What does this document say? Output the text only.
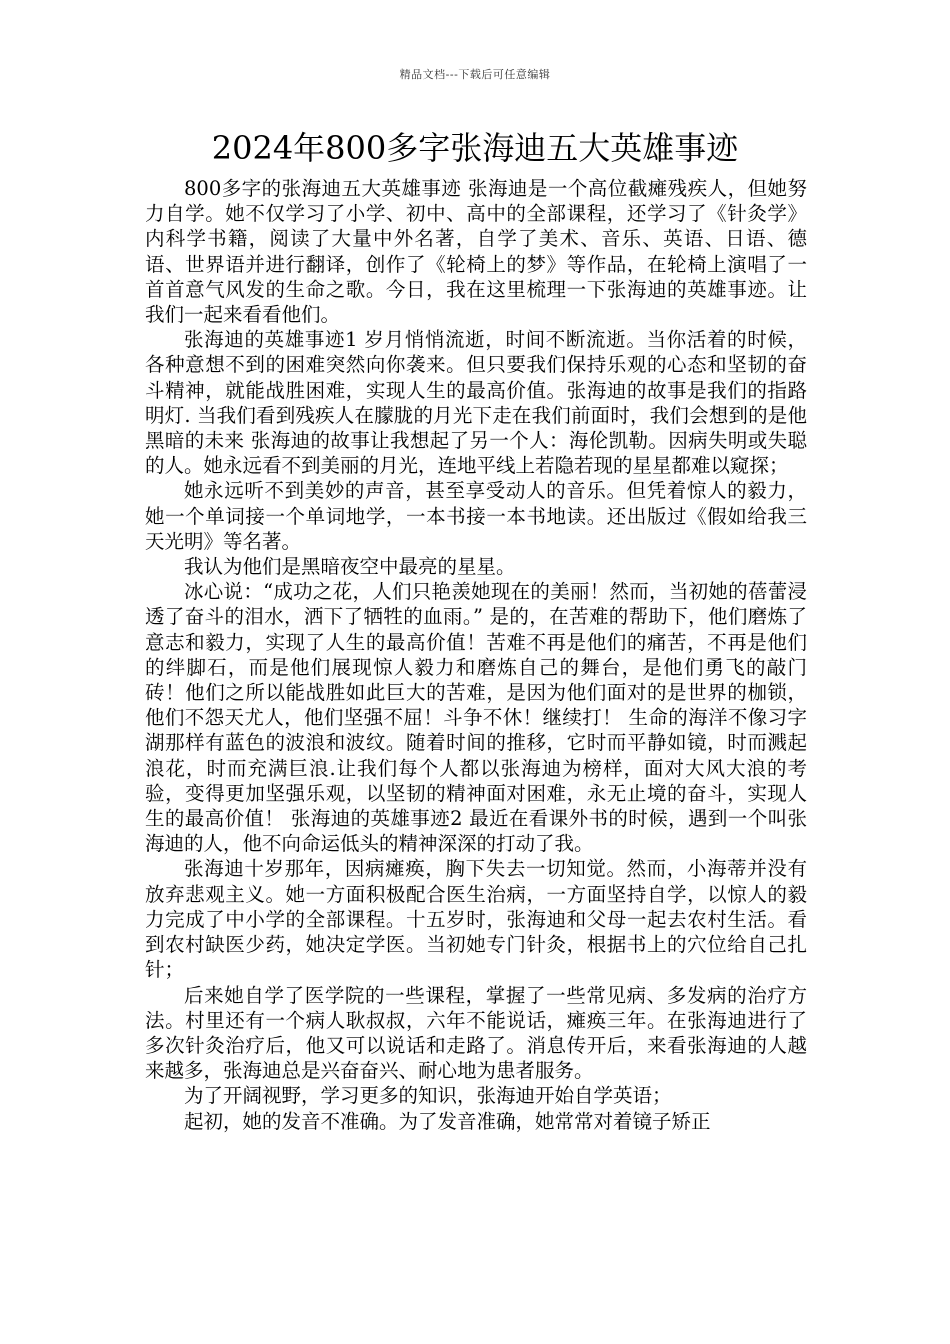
精品文档---下载后可任意编辑
2024年800多字张海迪五大英雄事迹

800多字的张海迪五大英雄事迹 张海迪是一个高位截瘫残疾人，但她努力自学。她不仅学习了小学、初中、高中的全部课程，还学习了《针灸学》内科学书籍，阅读了大量中外名著，自学了美术、音乐、英语、日语、德语、世界语并进行翻译，创作了《轮椅上的梦》等作品，在轮椅上演唱了一首首意气风发的生命之歌。今日，我在这里梳理一下张海迪的英雄事迹。让我们一起来看看他们。

张海迪的英雄事迹1 岁月悄悄流逝，时间不断流逝。当你活着的时候，各种意想不到的困难突然向你袭来。但只要我们保持乐观的心态和坚韧的奋斗精神，就能战胜困难，实现人生的最高价值。张海迪的故事是我们的指路明灯. 当我们看到残疾人在朦胧的月光下走在我们前面时，我们会想到的是他黑暗的未来 张海迪的故事让我想起了另一个人：海伦凯勒。因病失明或失聪的人。她永远看不到美丽的月光，连地平线上若隐若现的星星都难以窥探；

她永远听不到美妙的声音，甚至享受动人的音乐。但凭着惊人的毅力，她一个单词接一个单词地学，一本书接一本书地读。还出版过《假如给我三天光明》等名著。

我认为他们是黑暗夜空中最亮的星星。

冰心说：“成功之花，人们只艳羡她现在的美丽！然而，当初她的蓓蕾浸透了奋斗的泪水，洒下了牺牲的血雨。” 是的，在苦难的帮助下，他们磨炼了意志和毅力，实现了人生的最高价值！苦难不再是他们的痛苦，不再是他们的绊脚石，而是他们展现惊人毅力和磨炼自己的舞台，是他们勇飞的敲门砖！他们之所以能战胜如此巨大的苦难，是因为他们面对的是世界的枷锁，他们不怨天尤人，他们坚强不屈！斗争不休！继续打！ 生命的海洋不像习字湖那样有蓝色的波浪和波纹。随着时间的推移，它时而平静如镜，时而溅起浪花，时而充满巨浪.让我们每个人都以张海迪为榜样，面对大风大浪的考验，变得更加坚强乐观，以坚韧的精神面对困难，永无止境的奋斗，实现人生的最高价值！ 张海迪的英雄事迹2 最近在看课外书的时候，遇到一个叫张海迪的人，他不向命运低头的精神深深的打动了我。

张海迪十岁那年，因病瘫痪，胸下失去一切知觉。然而，小海蒂并没有放弃悲观主义。她一方面积极配合医生治病，一方面坚持自学，以惊人的毅力完成了中小学的全部课程。十五岁时，张海迪和父母一起去农村生活。看到农村缺医少药，她决定学医。当初她专门针灸，根据书上的穴位给自己扎针；

后来她自学了医学院的一些课程，掌握了一些常见病、多发病的治疗方法。村里还有一个病人耿叔叔，六年不能说话，瘫痪三年。在张海迪进行了多次针灸治疗后，他又可以说话和走路了。消息传开后，来看张海迪的人越来越多，张海迪总是兴奋奋兴、耐心地为患者服务。

为了开阔视野，学习更多的知识，张海迪开始自学英语；

起初，她的发音不准确。为了发音准确，她常常对着镜子矫正
